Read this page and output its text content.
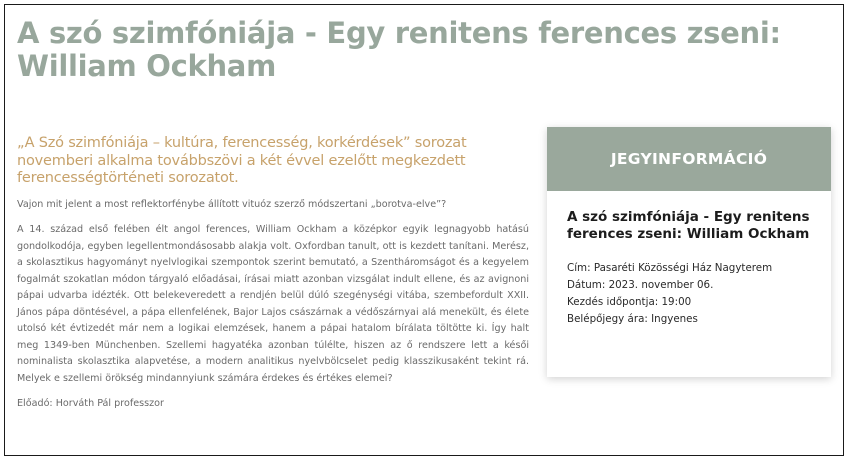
A szó szimfóniája - Egy renitens ferences zseni: William Ockham

„A Szó szimfóniája – kultúra, ferencesség, korkérdések” sorozat novemberi alkalma továbbszövi a két évvel ezelőtt megkezdett ferencességtörténeti sorozatot.

Vajon mit jelent a most reflektorfénybe állított vituóz szerző módszertani „borotva-elve”?

A 14. század első felében élt angol ferences, William Ockham a középkor egyik legnagyobb hatású gondolkodója, egyben legellentmondásosabb alakja volt. Oxfordban tanult, ott is kezdett tanítani. Merész, a skolasztikus hagyományt nyelvlogikai szempontok szerint bemutató, a Szentháromságot és a kegyelem fogalmát szokatlan módon tárgyaló előadásai, írásai miatt azonban vizsgálat indult ellene, és az avignoni pápai udvarba idézték. Ott belekeveredett a rendjén belül dúló szegénységi vitába, szembefordult XXII. János pápa döntésével, a pápa ellenfelének, Bajor Lajos császárnak a védőszárnyai alá menekült, és élete utolsó két évtizedét már nem a logikai elemzések, hanem a pápai hatalom bírálata töltötte ki. Így halt meg 1349-ben Münchenben. Szellemi hagyatéka azonban túlélte, hiszen az ő rendszere lett a késői nominalista skolasztika alapvetése, a modern analitikus nyelvbölcselet pedig klasszikusaként tekint rá. Melyek e szellemi örökség mindannyiunk számára érdekes és értékes elemei?

Előadó: Horváth Pál professzor

JEGYINFORMÁCIÓ
A szó szimfóniája - Egy renitens ferences zseni: William Ockham
Cím: Pasaréti Közösségi Ház Nagyterem
Dátum: 2023. november 06.
Kezdés időpontja: 19:00
Belépőjegy ára: Ingyenes
